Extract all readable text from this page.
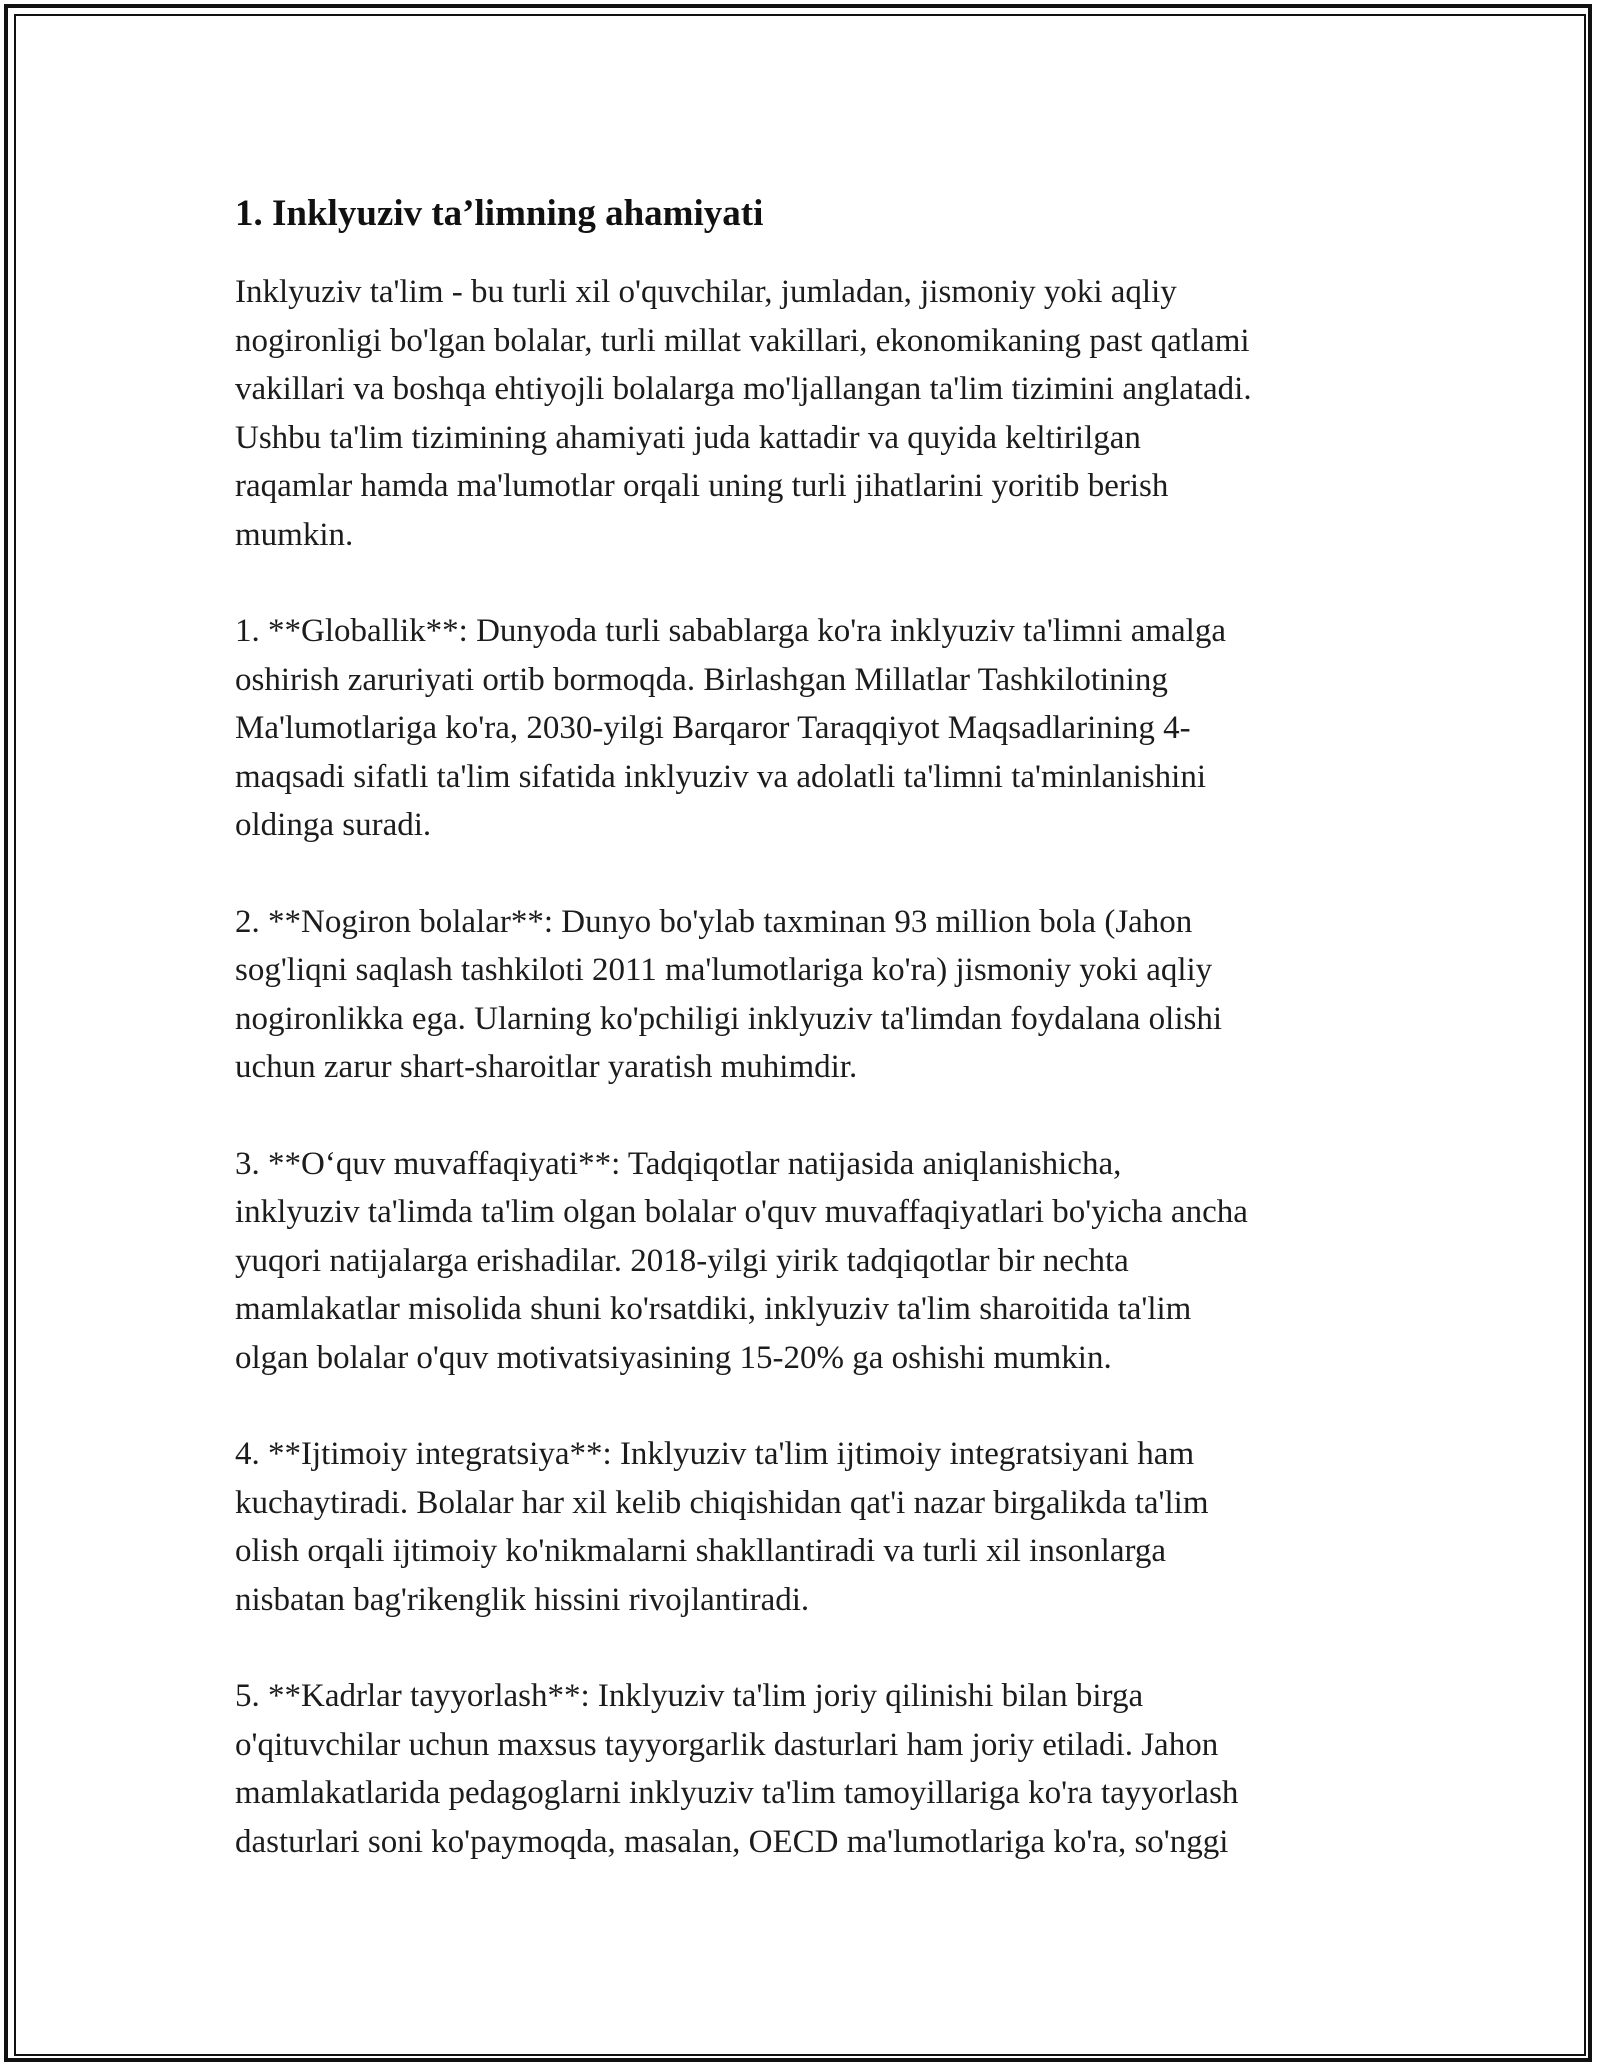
1. Inklyuziv ta’limning ahamiyati

Inklyuziv ta'lim - bu turli xil o'quvchilar, jumladan, jismoniy yoki aqliy
nogironligi bo'lgan bolalar, turli millat vakillari, ekonomikaning past qatlami
vakillari va boshqa ehtiyojli bolalarga mo'ljallangan ta'lim tizimini anglatadi.
Ushbu ta'lim tizimining ahamiyati juda kattadir va quyida keltirilgan
raqamlar hamda ma'lumotlar orqali uning turli jihatlarini yoritib berish
mumkin.

1. **Globallik**: Dunyoda turli sabablarga ko'ra inklyuziv ta'limni amalga
oshirish zaruriyati ortib bormoqda. Birlashgan Millatlar Tashkilotining
Ma'lumotlariga ko'ra, 2030-yilgi Barqaror Taraqqiyot Maqsadlarining 4-
maqsadi sifatli ta'lim sifatida inklyuziv va adolatli ta'limni ta'minlanishini
oldinga suradi.

2. **Nogiron bolalar**: Dunyo bo'ylab taxminan 93 million bola (Jahon
sog'liqni saqlash tashkiloti 2011 ma'lumotlariga ko'ra) jismoniy yoki aqliy
nogironlikka ega. Ularning ko'pchiligi inklyuziv ta'limdan foydalana olishi
uchun zarur shart-sharoitlar yaratish muhimdir.

3. **O‘quv muvaffaqiyati**: Tadqiqotlar natijasida aniqlanishicha,
inklyuziv ta'limda ta'lim olgan bolalar o'quv muvaffaqiyatlari bo'yicha ancha
yuqori natijalarga erishadilar. 2018-yilgi yirik tadqiqotlar bir nechta
mamlakatlar misolida shuni ko'rsatdiki, inklyuziv ta'lim sharoitida ta'lim
olgan bolalar o'quv motivatsiyasining 15-20% ga oshishi mumkin.

4. **Ijtimoiy integratsiya**: Inklyuziv ta'lim ijtimoiy integratsiyani ham
kuchaytiradi. Bolalar har xil kelib chiqishidan qat'i nazar birgalikda ta'lim
olish orqali ijtimoiy ko'nikmalarni shakllantiradi va turli xil insonlarga
nisbatan bag'rikenglik hissini rivojlantiradi.

5. **Kadrlar tayyorlash**: Inklyuziv ta'lim joriy qilinishi bilan birga
o'qituvchilar uchun maxsus tayyorgarlik dasturlari ham joriy etiladi. Jahon
mamlakatlarida pedagoglarni inklyuziv ta'lim tamoyillariga ko'ra tayyorlash
dasturlari soni ko'paymoqda, masalan, OECD ma'lumotlariga ko'ra, so'nggi
